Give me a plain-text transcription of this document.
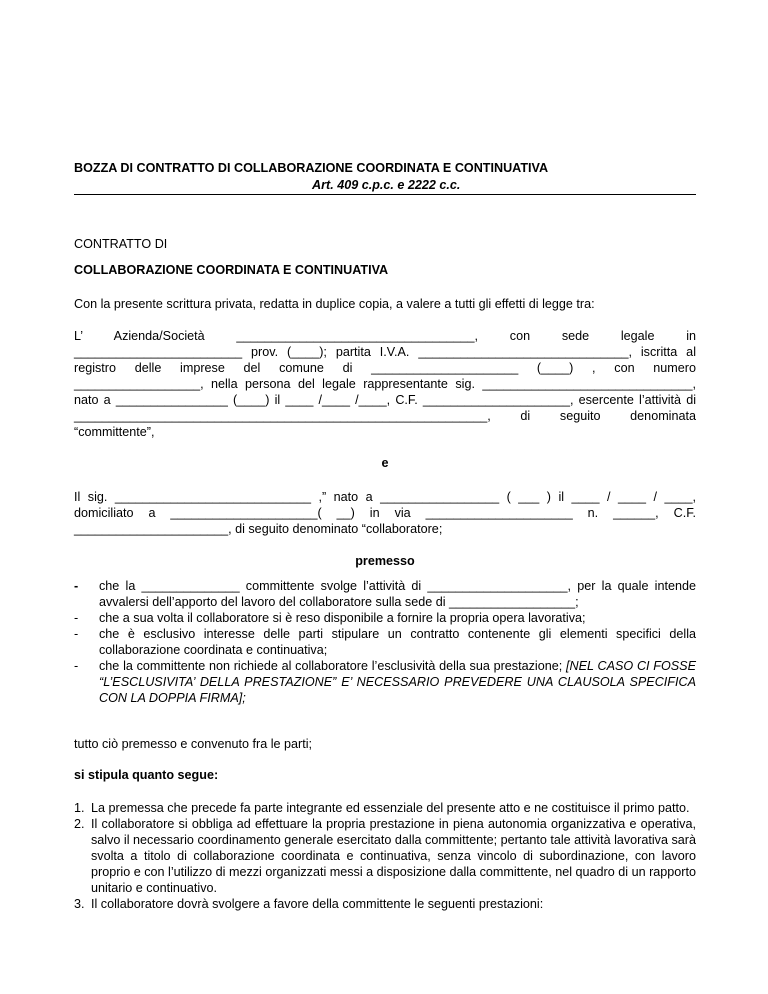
BOZZA DI CONTRATTO DI COLLABORAZIONE COORDINATA E CONTINUATIVA
Art. 409 c.p.c. e 2222 c.c.
CONTRATTO DI
COLLABORAZIONE COORDINATA E CONTINUATIVA
Con la presente scrittura privata, redatta in duplice copia, a valere a tutti gli effetti di legge tra:
L’ Azienda/Società __________________________________, con sede legale in
________________________ prov. (____); partita I.V.A. ______________________________, iscritta al
registro delle imprese del comune di _____________________ (____) , con numero
__________________, nella persona del legale rappresentante sig. ______________________________,
nato a ________________ (____) il ____ /____ /____, C.F. _____________________, esercente l’attività di
___________________________________________________________, di seguito denominata
“committente”,
e
Il sig. ____________________________ ,” nato a _________________ ( ___ ) il ____ / ____ / ____,
domiciliato a _____________________( __) in via _____________________ n. ______, C.F.
______________________, di seguito denominato “collaboratore;
premesso
- che la ______________ committente svolge l’attività di ____________________, per la quale intende avvalersi dell’apporto del lavoro del collaboratore sulla sede di __________________;
- che a sua volta il collaboratore si è reso disponibile a fornire la propria opera lavorativa;
- che è esclusivo interesse delle parti stipulare un contratto contenente gli elementi specifici della collaborazione coordinata e continuativa;
- che la committente non richiede al collaboratore l’esclusività della sua prestazione; [NEL CASO CI FOSSE “L’ESCLUSIVITA’ DELLA PRESTAZIONE” E’ NECESSARIO PREVEDERE UNA CLAUSOLA SPECIFICA CON LA DOPPIA FIRMA];
tutto ciò premesso e convenuto fra le parti;
si stipula quanto segue:
1. La premessa che precede fa parte integrante ed essenziale del presente atto e ne costituisce il primo patto.
2. Il collaboratore si obbliga ad effettuare la propria prestazione in piena autonomia organizzativa e operativa, salvo il necessario coordinamento generale esercitato dalla committente; pertanto tale attività lavorativa sarà svolta a titolo di collaborazione coordinata e continuativa, senza vincolo di subordinazione, con lavoro proprio e con l’utilizzo di mezzi organizzati messi a disposizione dalla committente, nel quadro di un rapporto unitario e continuativo.
3. Il collaboratore dovrà svolgere a favore della committente le seguenti prestazioni:
